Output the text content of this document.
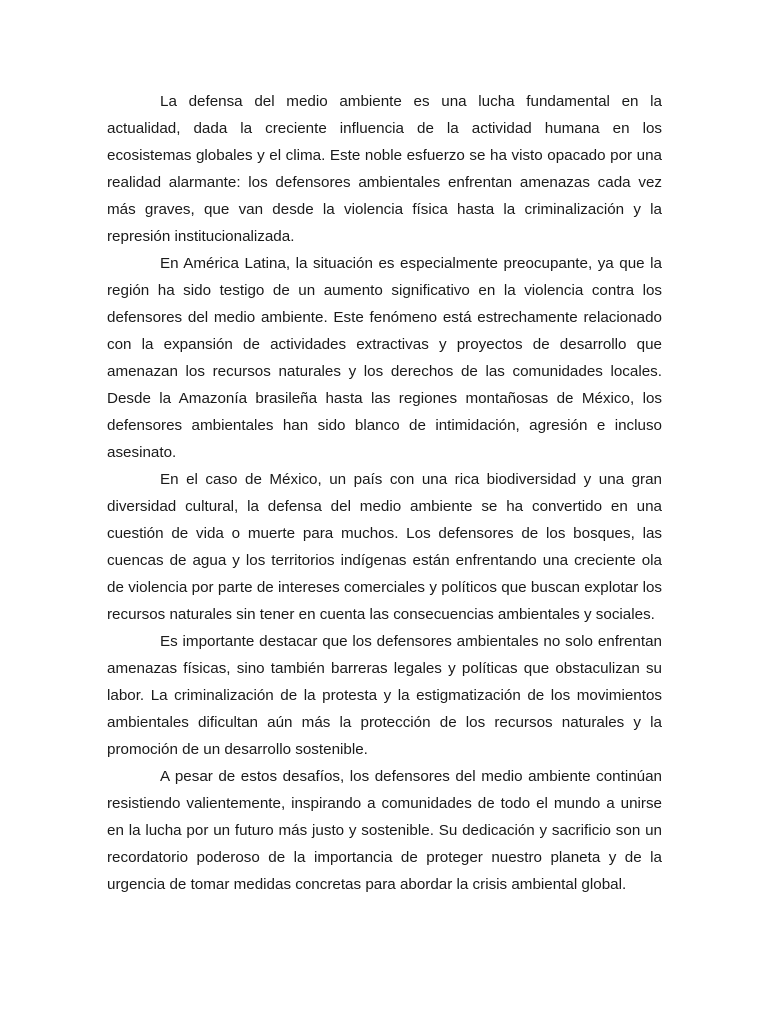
La defensa del medio ambiente es una lucha fundamental en la actualidad, dada la creciente influencia de la actividad humana en los ecosistemas globales y el clima. Este noble esfuerzo se ha visto opacado por una realidad alarmante: los defensores ambientales enfrentan amenazas cada vez más graves, que van desde la violencia física hasta la criminalización y la represión institucionalizada.

En América Latina, la situación es especialmente preocupante, ya que la región ha sido testigo de un aumento significativo en la violencia contra los defensores del medio ambiente. Este fenómeno está estrechamente relacionado con la expansión de actividades extractivas y proyectos de desarrollo que amenazan los recursos naturales y los derechos de las comunidades locales. Desde la Amazonía brasileña hasta las regiones montañosas de México, los defensores ambientales han sido blanco de intimidación, agresión e incluso asesinato.

En el caso de México, un país con una rica biodiversidad y una gran diversidad cultural, la defensa del medio ambiente se ha convertido en una cuestión de vida o muerte para muchos. Los defensores de los bosques, las cuencas de agua y los territorios indígenas están enfrentando una creciente ola de violencia por parte de intereses comerciales y políticos que buscan explotar los recursos naturales sin tener en cuenta las consecuencias ambientales y sociales.

Es importante destacar que los defensores ambientales no solo enfrentan amenazas físicas, sino también barreras legales y políticas que obstaculizan su labor. La criminalización de la protesta y la estigmatización de los movimientos ambientales dificultan aún más la protección de los recursos naturales y la promoción de un desarrollo sostenible.

A pesar de estos desafíos, los defensores del medio ambiente continúan resistiendo valientemente, inspirando a comunidades de todo el mundo a unirse en la lucha por un futuro más justo y sostenible. Su dedicación y sacrificio son un recordatorio poderoso de la importancia de proteger nuestro planeta y de la urgencia de tomar medidas concretas para abordar la crisis ambiental global.
